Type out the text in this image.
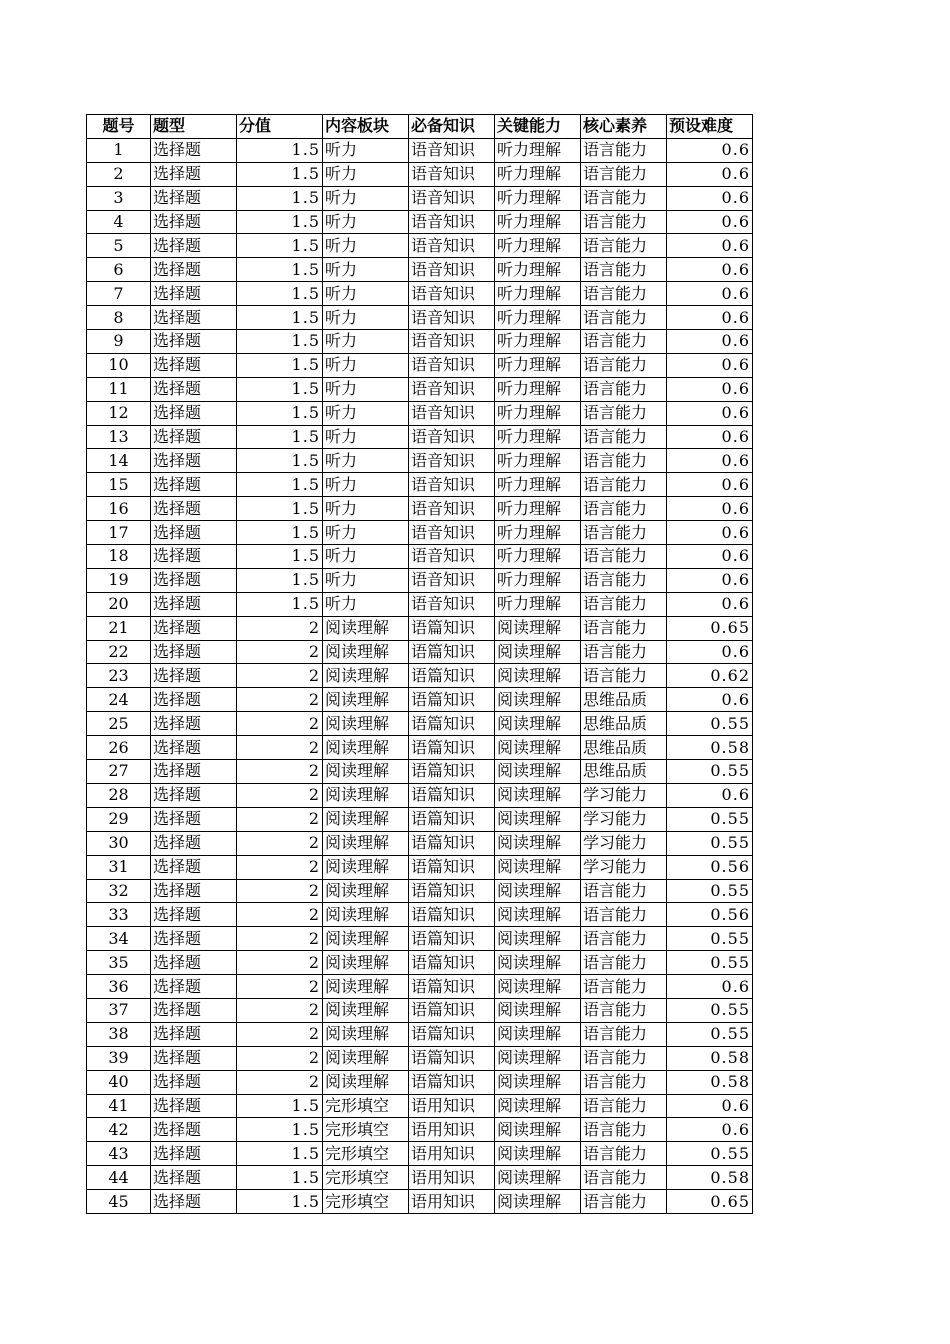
题号	题型	分值	内容板块	必备知识	关键能力	核心素养	预设难度
1	选择题	1.5	听力	语音知识	听力理解	语言能力	0.6
2	选择题	1.5	听力	语音知识	听力理解	语言能力	0.6
3	选择题	1.5	听力	语音知识	听力理解	语言能力	0.6
4	选择题	1.5	听力	语音知识	听力理解	语言能力	0.6
5	选择题	1.5	听力	语音知识	听力理解	语言能力	0.6
6	选择题	1.5	听力	语音知识	听力理解	语言能力	0.6
7	选择题	1.5	听力	语音知识	听力理解	语言能力	0.6
8	选择题	1.5	听力	语音知识	听力理解	语言能力	0.6
9	选择题	1.5	听力	语音知识	听力理解	语言能力	0.6
10	选择题	1.5	听力	语音知识	听力理解	语言能力	0.6
11	选择题	1.5	听力	语音知识	听力理解	语言能力	0.6
12	选择题	1.5	听力	语音知识	听力理解	语言能力	0.6
13	选择题	1.5	听力	语音知识	听力理解	语言能力	0.6
14	选择题	1.5	听力	语音知识	听力理解	语言能力	0.6
15	选择题	1.5	听力	语音知识	听力理解	语言能力	0.6
16	选择题	1.5	听力	语音知识	听力理解	语言能力	0.6
17	选择题	1.5	听力	语音知识	听力理解	语言能力	0.6
18	选择题	1.5	听力	语音知识	听力理解	语言能力	0.6
19	选择题	1.5	听力	语音知识	听力理解	语言能力	0.6
20	选择题	1.5	听力	语音知识	听力理解	语言能力	0.6
21	选择题	2	阅读理解	语篇知识	阅读理解	语言能力	0.65
22	选择题	2	阅读理解	语篇知识	阅读理解	语言能力	0.6
23	选择题	2	阅读理解	语篇知识	阅读理解	语言能力	0.62
24	选择题	2	阅读理解	语篇知识	阅读理解	思维品质	0.6
25	选择题	2	阅读理解	语篇知识	阅读理解	思维品质	0.55
26	选择题	2	阅读理解	语篇知识	阅读理解	思维品质	0.58
27	选择题	2	阅读理解	语篇知识	阅读理解	思维品质	0.55
28	选择题	2	阅读理解	语篇知识	阅读理解	学习能力	0.6
29	选择题	2	阅读理解	语篇知识	阅读理解	学习能力	0.55
30	选择题	2	阅读理解	语篇知识	阅读理解	学习能力	0.55
31	选择题	2	阅读理解	语篇知识	阅读理解	学习能力	0.56
32	选择题	2	阅读理解	语篇知识	阅读理解	语言能力	0.55
33	选择题	2	阅读理解	语篇知识	阅读理解	语言能力	0.56
34	选择题	2	阅读理解	语篇知识	阅读理解	语言能力	0.55
35	选择题	2	阅读理解	语篇知识	阅读理解	语言能力	0.55
36	选择题	2	阅读理解	语篇知识	阅读理解	语言能力	0.6
37	选择题	2	阅读理解	语篇知识	阅读理解	语言能力	0.55
38	选择题	2	阅读理解	语篇知识	阅读理解	语言能力	0.55
39	选择题	2	阅读理解	语篇知识	阅读理解	语言能力	0.58
40	选择题	2	阅读理解	语篇知识	阅读理解	语言能力	0.58
41	选择题	1.5	完形填空	语用知识	阅读理解	语言能力	0.6
42	选择题	1.5	完形填空	语用知识	阅读理解	语言能力	0.6
43	选择题	1.5	完形填空	语用知识	阅读理解	语言能力	0.55
44	选择题	1.5	完形填空	语用知识	阅读理解	语言能力	0.58
45	选择题	1.5	完形填空	语用知识	阅读理解	语言能力	0.65
